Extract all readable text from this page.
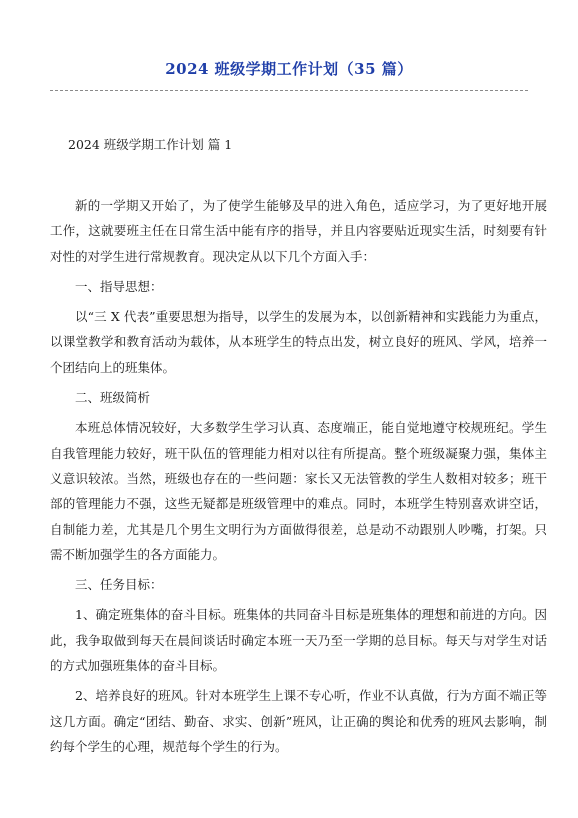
2024 班级学期工作计划（35 篇）
2024 班级学期工作计划 篇 1

新的一学期又开始了，为了使学生能够及早的进入角色，适应学习，为了更好地开展工作，这就要班主任在日常生活中能有序的指导，并且内容要贴近现实生活，时刻要有针对性的对学生进行常规教育。现决定从以下几个方面入手：

一、指导思想：

以“三 X 代表”重要思想为指导，以学生的发展为本，以创新精神和实践能力为重点，以课堂教学和教育活动为载体，从本班学生的特点出发，树立良好的班风、学风，培养一个团结向上的班集体。

二、班级简析

本班总体情况较好，大多数学生学习认真、态度端正，能自觉地遵守校规班纪。学生自我管理能力较好，班干队伍的管理能力相对以往有所提高。整个班级凝聚力强，集体主义意识较浓。当然，班级也存在的一些问题：家长又无法管教的学生人数相对较多；班干部的管理能力不强，这些无疑都是班级管理中的难点。同时，本班学生特别喜欢讲空话，自制能力差，尤其是几个男生文明行为方面做得很差，总是动不动跟别人吵嘴，打架。只需不断加强学生的各方面能力。

三、任务目标：

1、确定班集体的奋斗目标。班集体的共同奋斗目标是班集体的理想和前进的方向。因此，我争取做到每天在晨间谈话时确定本班一天乃至一学期的总目标。每天与对学生对话的方式加强班集体的奋斗目标。

2、培养良好的班风。针对本班学生上课不专心听，作业不认真做，行为方面不端正等这几方面。确定“团结、勤奋、求实、创新”班风，让正确的舆论和优秀的班风去影响，制约每个学生的心理，规范每个学生的行为。
